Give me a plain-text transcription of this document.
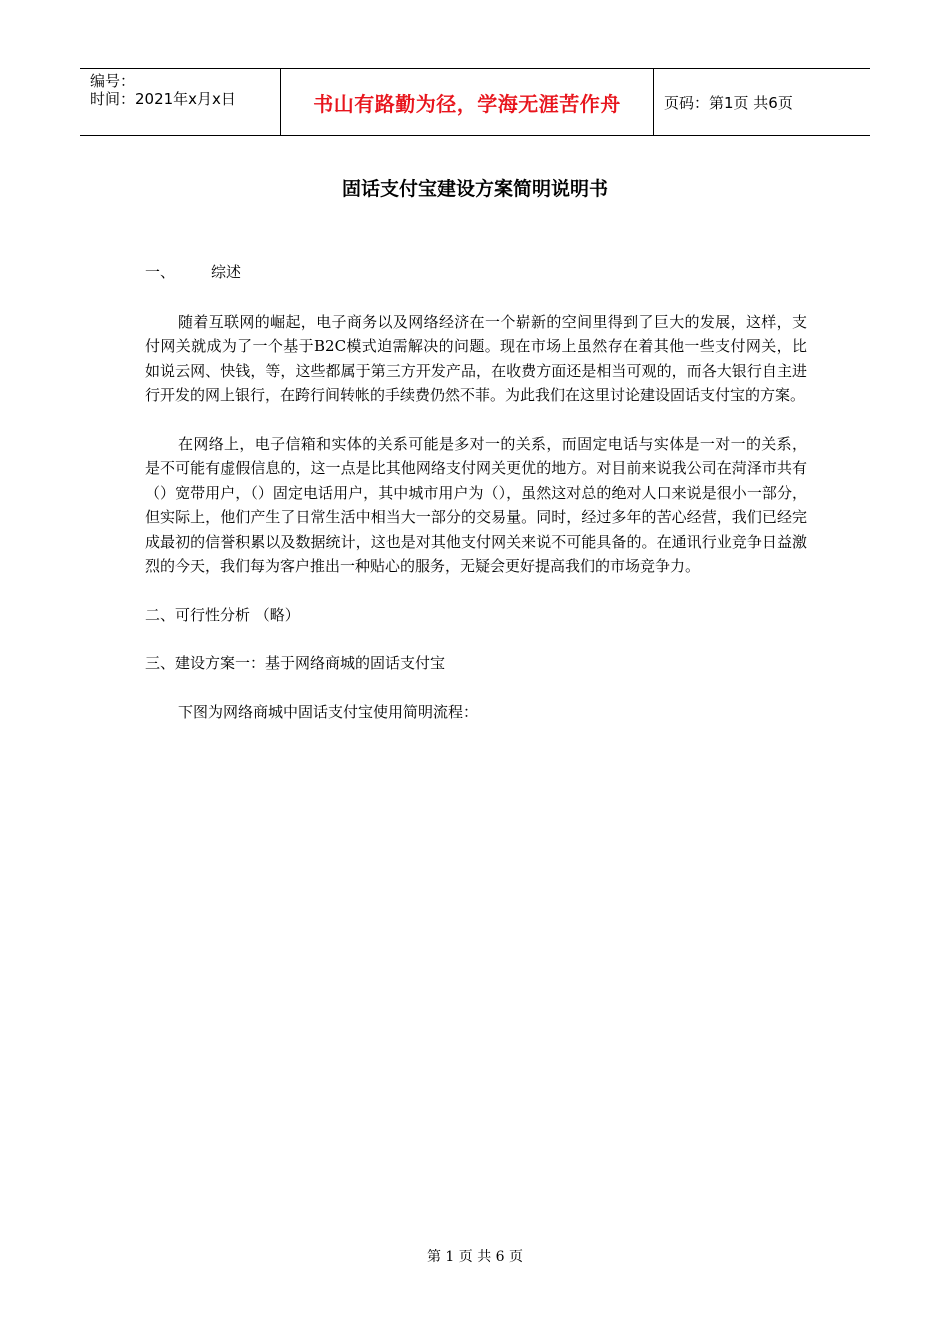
编号：
时间：2021年x月x日	书山有路勤为径，学海无涯苦作舟	页码：第1页 共6页
固话支付宝建设方案简明说明书

一、 综述

随着互联网的崛起，电子商务以及网络经济在一个崭新的空间里得到了巨大的发展，这样，支付网关就成为了一个基于B2C模式迫需解决的问题。现在市场上虽然存在着其他一些支付网关，比如说云网、快钱，等，这些都属于第三方开发产品，在收费方面还是相当可观的，而各大银行自主进行开发的网上银行，在跨行间转帐的手续费仍然不菲。为此我们在这里讨论建设固话支付宝的方案。

在网络上，电子信箱和实体的关系可能是多对一的关系，而固定电话与实体是一对一的关系，是不可能有虚假信息的，这一点是比其他网络支付网关更优的地方。对目前来说我公司在菏泽市共有（）宽带用户，（）固定电话用户，其中城市用户为（），虽然这对总的绝对人口来说是很小一部分，但实际上，他们产生了日常生活中相当大一部分的交易量。同时，经过多年的苦心经营，我们已经完成最初的信誉积累以及数据统计，这也是对其他支付网关来说不可能具备的。在通讯行业竞争日益激烈的今天，我们每为客户推出一种贴心的服务，无疑会更好提高我们的市场竞争力。

二、可行性分析 （略）

三、建设方案一：基于网络商城的固话支付宝

下图为网络商城中固话支付宝使用简明流程：

第 1 页 共 6 页
